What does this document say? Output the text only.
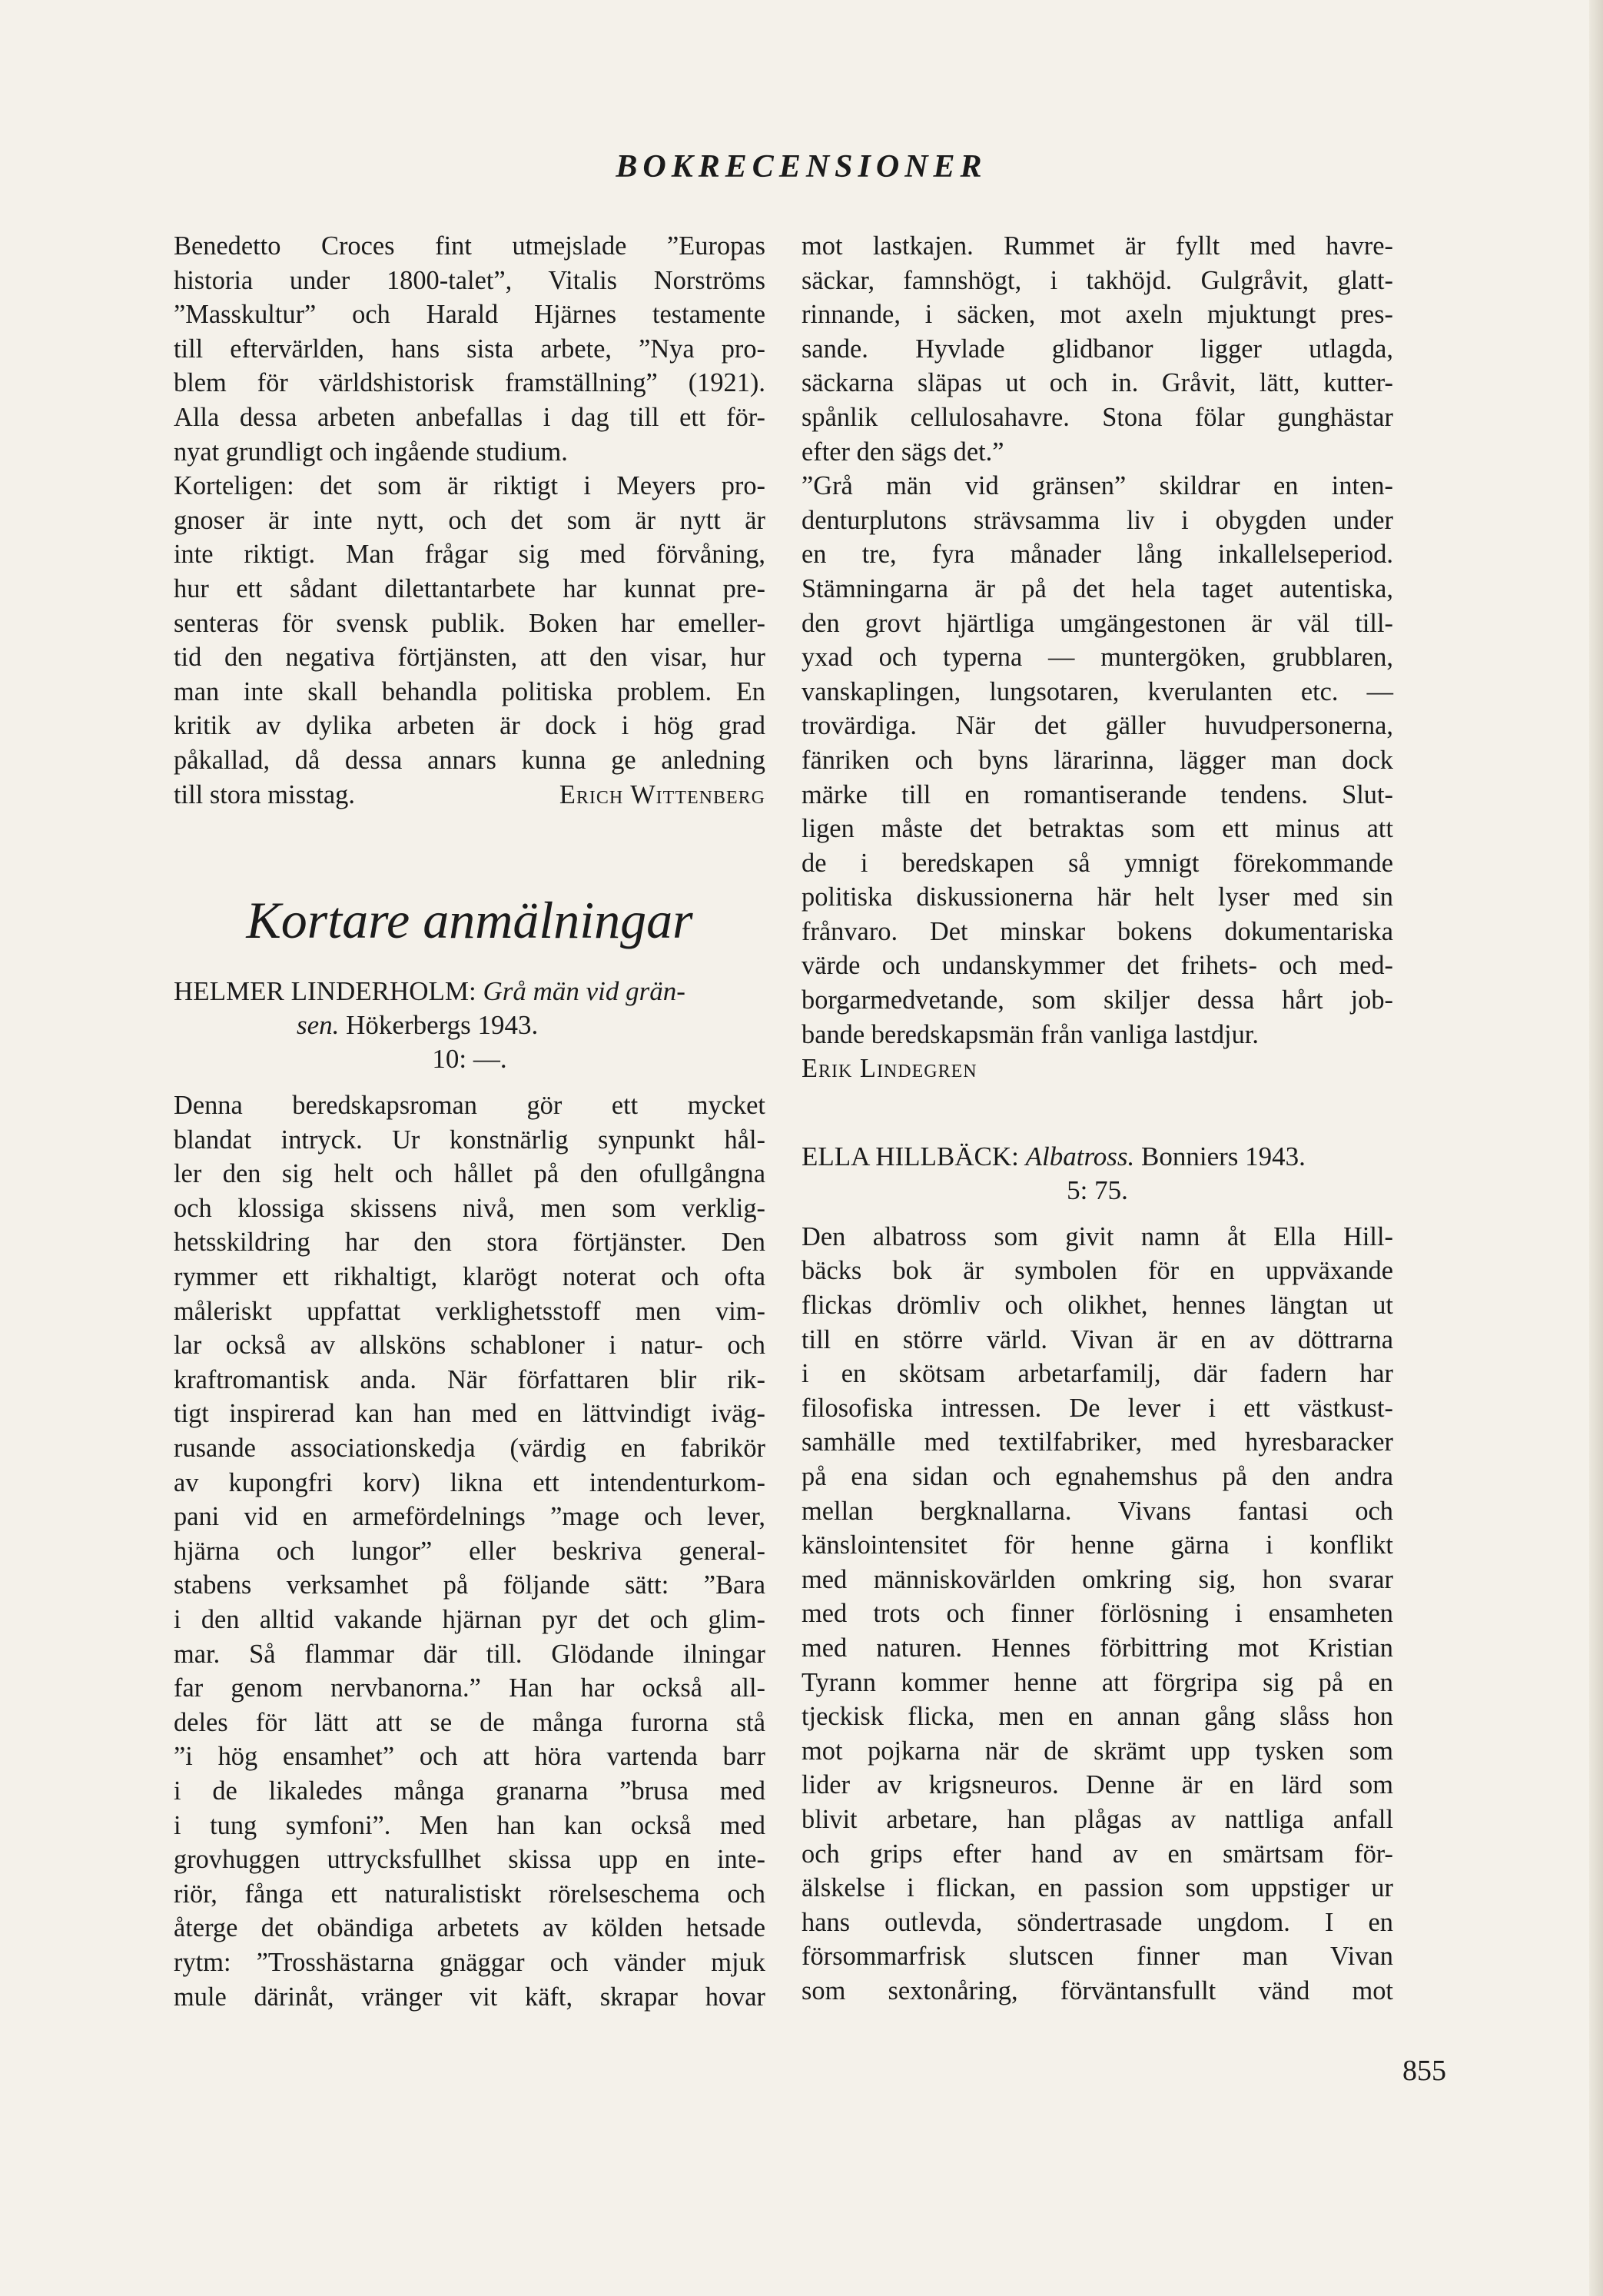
BOKRECENSIONER

Benedetto Croces fint utmejslade ”Europas

historia under 1800-talet”, Vitalis Norströms

”Masskultur” och Harald Hjärnes testamente

till eftervärlden, hans sista arbete, ”Nya pro-

blem för världshistorisk framställning” (1921).

Alla dessa arbeten anbefallas i dag till ett för-

nyat grundligt och ingående studium.

Korteligen: det som är riktigt i Meyers pro-

gnoser är inte nytt, och det som är nytt är

inte riktigt. Man frågar sig med förvåning,

hur ett sådant dilettantarbete har kunnat pre-

senteras för svensk publik. Boken har emeller-

tid den negativa förtjänsten, att den visar, hur

man inte skall behandla politiska problem. En

kritik av dylika arbeten är dock i hög grad

påkallad, då dessa annars kunna ge anledning

till stora misstag.	Erich Wittenberg
Kortare anmälningar
HELMER LINDERHOLM: Grå män vid grän-
sen. Hökerbergs 1943.
10: —.

Denna beredskapsroman gör ett mycket

blandat intryck. Ur konstnärlig synpunkt hål-

ler den sig helt och hållet på den ofullgångna

och klossiga skissens nivå, men som verklig-

hetsskildring har den stora förtjänster. Den

rymmer ett rikhaltigt, klarögt noterat och ofta

måleriskt uppfattat verklighetsstoff men vim-

lar också av allsköns schabloner i natur- och

kraftromantisk anda. När författaren blir rik-

tigt inspirerad kan han med en lättvindigt iväg-

rusande associationskedja (värdig en fabrikör

av kupongfri korv) likna ett intendenturkom-

pani vid en armefördelnings ”mage och lever,

hjärna och lungor” eller beskriva general-

stabens verksamhet på följande sätt: ”Bara

i den alltid vakande hjärnan pyr det och glim-

mar. Så flammar där till. Glödande ilningar

far genom nervbanorna.” Han har också all-

deles för lätt att se de många furorna stå

”i hög ensamhet” och att höra vartenda barr

i de likaledes många granarna ”brusa med

i tung symfoni”. Men han kan också med

grovhuggen uttrycksfullhet skissa upp en inte-

riör, fånga ett naturalistiskt rörelseschema och

återge det obändiga arbetets av kölden hetsade

rytm: ”Trosshästarna gnäggar och vänder mjuk

mule därinåt, vränger vit käft, skrapar hovar

mot lastkajen. Rummet är fyllt med havre-

säckar, famnshögt, i takhöjd. Gulgråvit, glatt-

rinnande, i säcken, mot axeln mjuktungt pres-

sande. Hyvlade glidbanor ligger utlagda,

säckarna släpas ut och in. Gråvit, lätt, kutter-

spånlik cellulosahavre. Stona fölar gunghästar

efter den sägs det.”

”Grå män vid gränsen” skildrar en inten-

denturplutons strävsamma liv i obygden under

en tre, fyra månader lång inkallelseperiod.

Stämningarna är på det hela taget autentiska,

den grovt hjärtliga umgängestonen är väl till-

yxad och typerna — muntergöken, grubblaren,

vanskaplingen, lungsotaren, kverulanten etc. —

trovärdiga. När det gäller huvudpersonerna,

fänriken och byns lärarinna, lägger man dock

märke till en romantiserande tendens. Slut-

ligen måste det betraktas som ett minus att

de i beredskapen så ymnigt förekommande

politiska diskussionerna här helt lyser med sin

frånvaro. Det minskar bokens dokumentariska

värde och undanskymmer det frihets- och med-

borgarmedvetande, som skiljer dessa hårt job-

bande beredskapsmän från vanliga lastdjur.

Erik Lindegren

ELLA HILLBÄCK: Albatross. Bonniers 1943.
5: 75.

Den albatross som givit namn åt Ella Hill-

bäcks bok är symbolen för en uppväxande

flickas drömliv och olikhet, hennes längtan ut

till en större värld. Vivan är en av döttrarna

i en skötsam arbetarfamilj, där fadern har

filosofiska intressen. De lever i ett västkust-

samhälle med textilfabriker, med hyresbaracker

på ena sidan och egnahemshus på den andra

mellan bergknallarna. Vivans fantasi och

känslointensitet för henne gärna i konflikt

med människovärlden omkring sig, hon svarar

med trots och finner förlösning i ensamheten

med naturen. Hennes förbittring mot Kristian

Tyrann kommer henne att förgripa sig på en

tjeckisk flicka, men en annan gång slåss hon

mot pojkarna när de skrämt upp tysken som

lider av krigsneuros. Denne är en lärd som

blivit arbetare, han plågas av nattliga anfall

och grips efter hand av en smärtsam för-

älskelse i flickan, en passion som uppstiger ur

hans outlevda, söndertrasade ungdom. I en

försommarfrisk slutscen finner man Vivan

som sextonåring, förväntansfullt vänd mot

855
